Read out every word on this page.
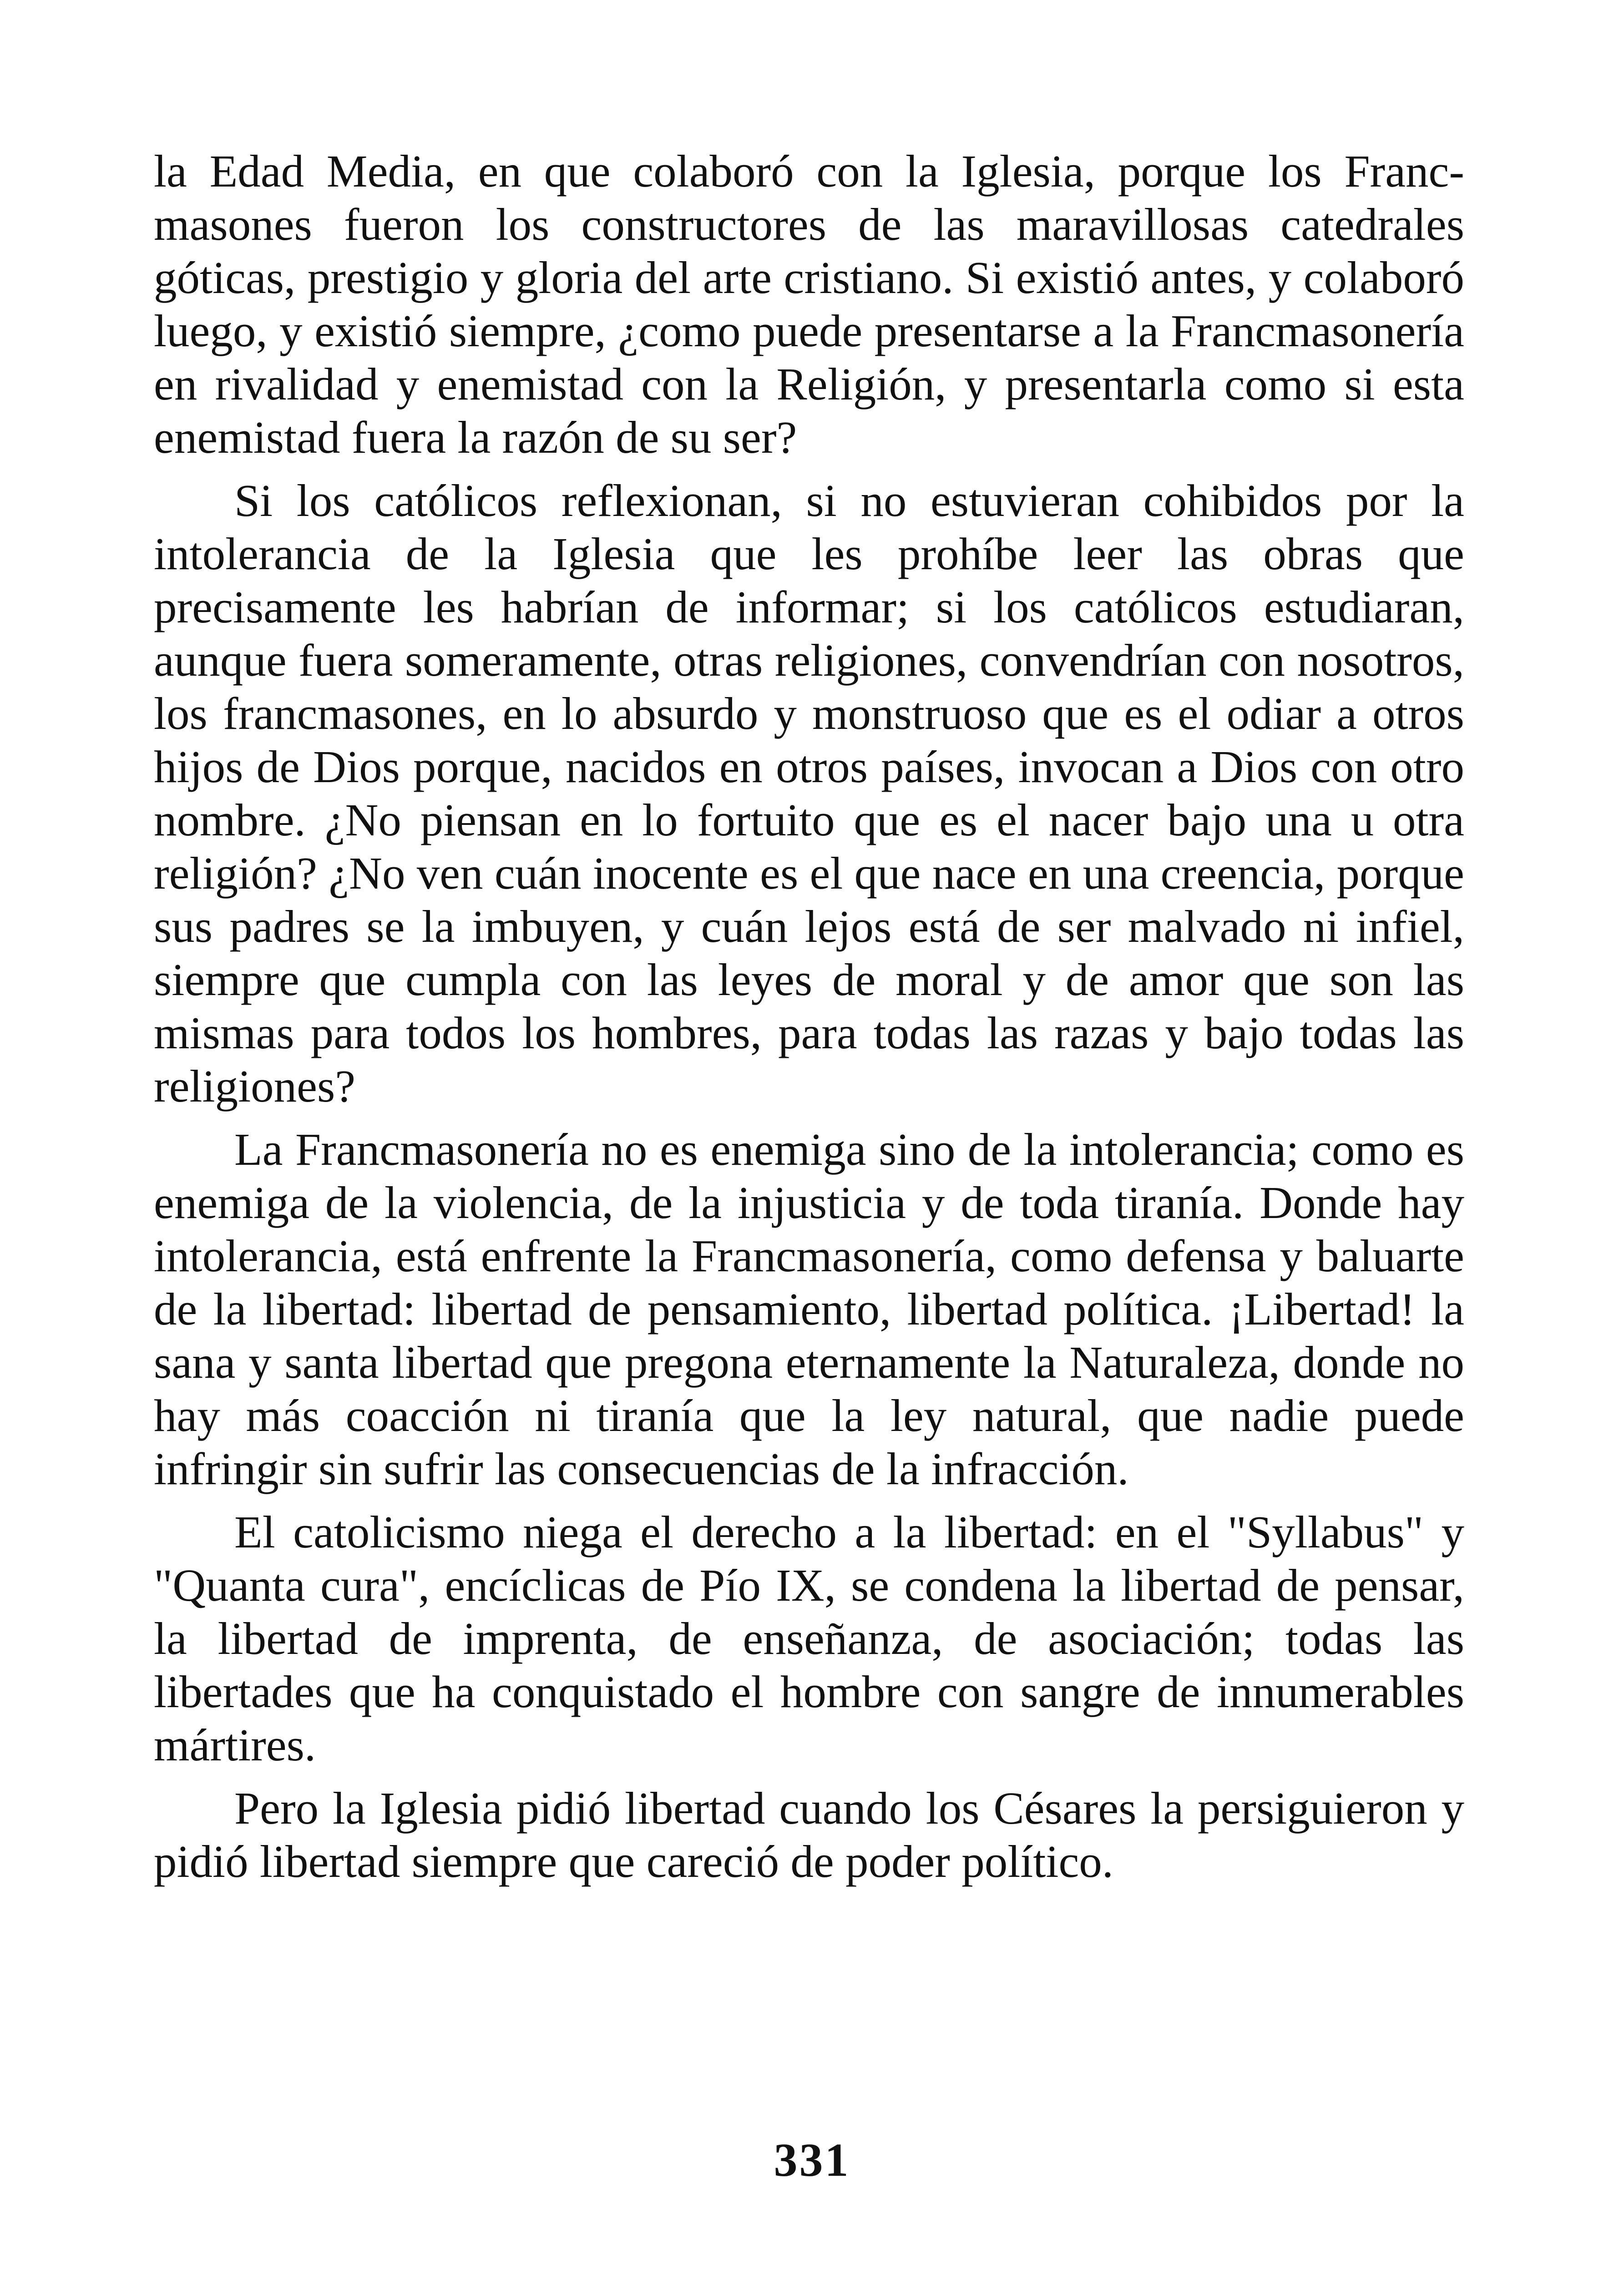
la Edad Media, en que colaboró con la Iglesia, porque los Francmasones fueron los constructores de las maravillosas catedrales góticas, prestigio y gloria del arte cristiano. Si existió antes, y colaboró luego, y existió siempre, ¿como puede presentarse a la Francmasonería en rivalidad y enemistad con la Religión, y presentarla como si esta enemistad fuera la razón de su ser?

Si los católicos reflexionan, si no estuvieran cohibidos por la intolerancia de la Iglesia que les prohíbe leer las obras que precisamente les habrían de informar; si los católicos estudiaran, aunque fuera someramente, otras religiones, convendrían con nosotros, los francmasones, en lo absurdo y monstruoso que es el odiar a otros hijos de Dios porque, nacidos en otros países, invocan a Dios con otro nombre. ¿No piensan en lo fortuito que es el nacer bajo una u otra religión? ¿No ven cuán inocente es el que nace en una creencia, porque sus padres se la imbuyen, y cuán lejos está de ser malvado ni infiel, siempre que cumpla con las leyes de moral y de amor que son las mismas para todos los hombres, para todas las razas y bajo todas las religiones?

La Francmasonería no es enemiga sino de la intolerancia; como es enemiga de la violencia, de la injusticia y de toda tiranía. Donde hay intolerancia, está enfrente la Francmasonería, como defensa y baluarte de la libertad: libertad de pensamiento, libertad política. ¡Libertad! la sana y santa libertad que pregona eternamente la Naturaleza, donde no hay más coacción ni tiranía que la ley natural, que nadie puede infringir sin sufrir las consecuencias de la infracción.

El catolicismo niega el derecho a la libertad: en el "Syllabus" y "Quanta cura", encíclicas de Pío IX, se condena la libertad de pensar, la libertad de imprenta, de enseñanza, de asociación; todas las libertades que ha conquistado el hombre con sangre de innumerables mártires.

Pero la Iglesia pidió libertad cuando los Césares la persiguieron y pidió libertad siempre que careció de poder político.

331
